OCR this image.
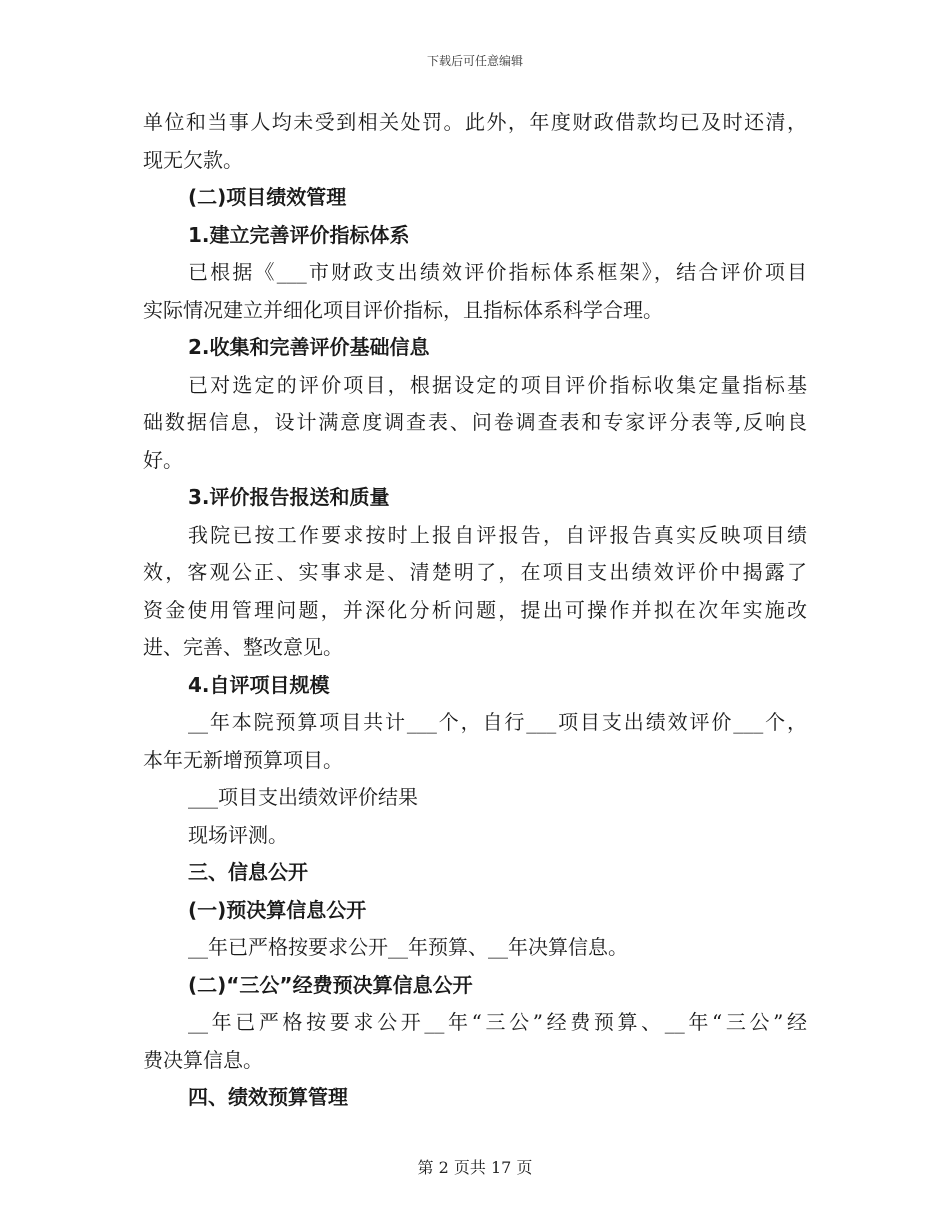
下载后可任意编辑
单位和当事人均未受到相关处罚。此外，年度财政借款均已及时还清，
现无欠款。
(二)项目绩效管理
1.建立完善评价指标体系
已根据《___市财政支出绩效评价指标体系框架》，结合评价项目
实际情况建立并细化项目评价指标，且指标体系科学合理。
2.收集和完善评价基础信息
已对选定的评价项目，根据设定的项目评价指标收集定量指标基
础数据信息，设计满意度调查表、问卷调查表和专家评分表等,反响良
好。
3.评价报告报送和质量
我院已按工作要求按时上报自评报告，自评报告真实反映项目绩
效，客观公正、实事求是、清楚明了，在项目支出绩效评价中揭露了
资金使用管理问题，并深化分析问题，提出可操作并拟在次年实施改
进、完善、整改意见。
4.自评项目规模
__年本院预算项目共计___个，自行___项目支出绩效评价___个，
本年无新增预算项目。
___项目支出绩效评价结果
现场评测。
三、信息公开
(一)预决算信息公开
__年已严格按要求公开__年预算、__年决算信息。
(二)“三公”经费预决算信息公开
__年已严格按要求公开__年“三公”经费预算、__年“三公”经
费决算信息。
四、绩效预算管理
第 2 页共 17 页
